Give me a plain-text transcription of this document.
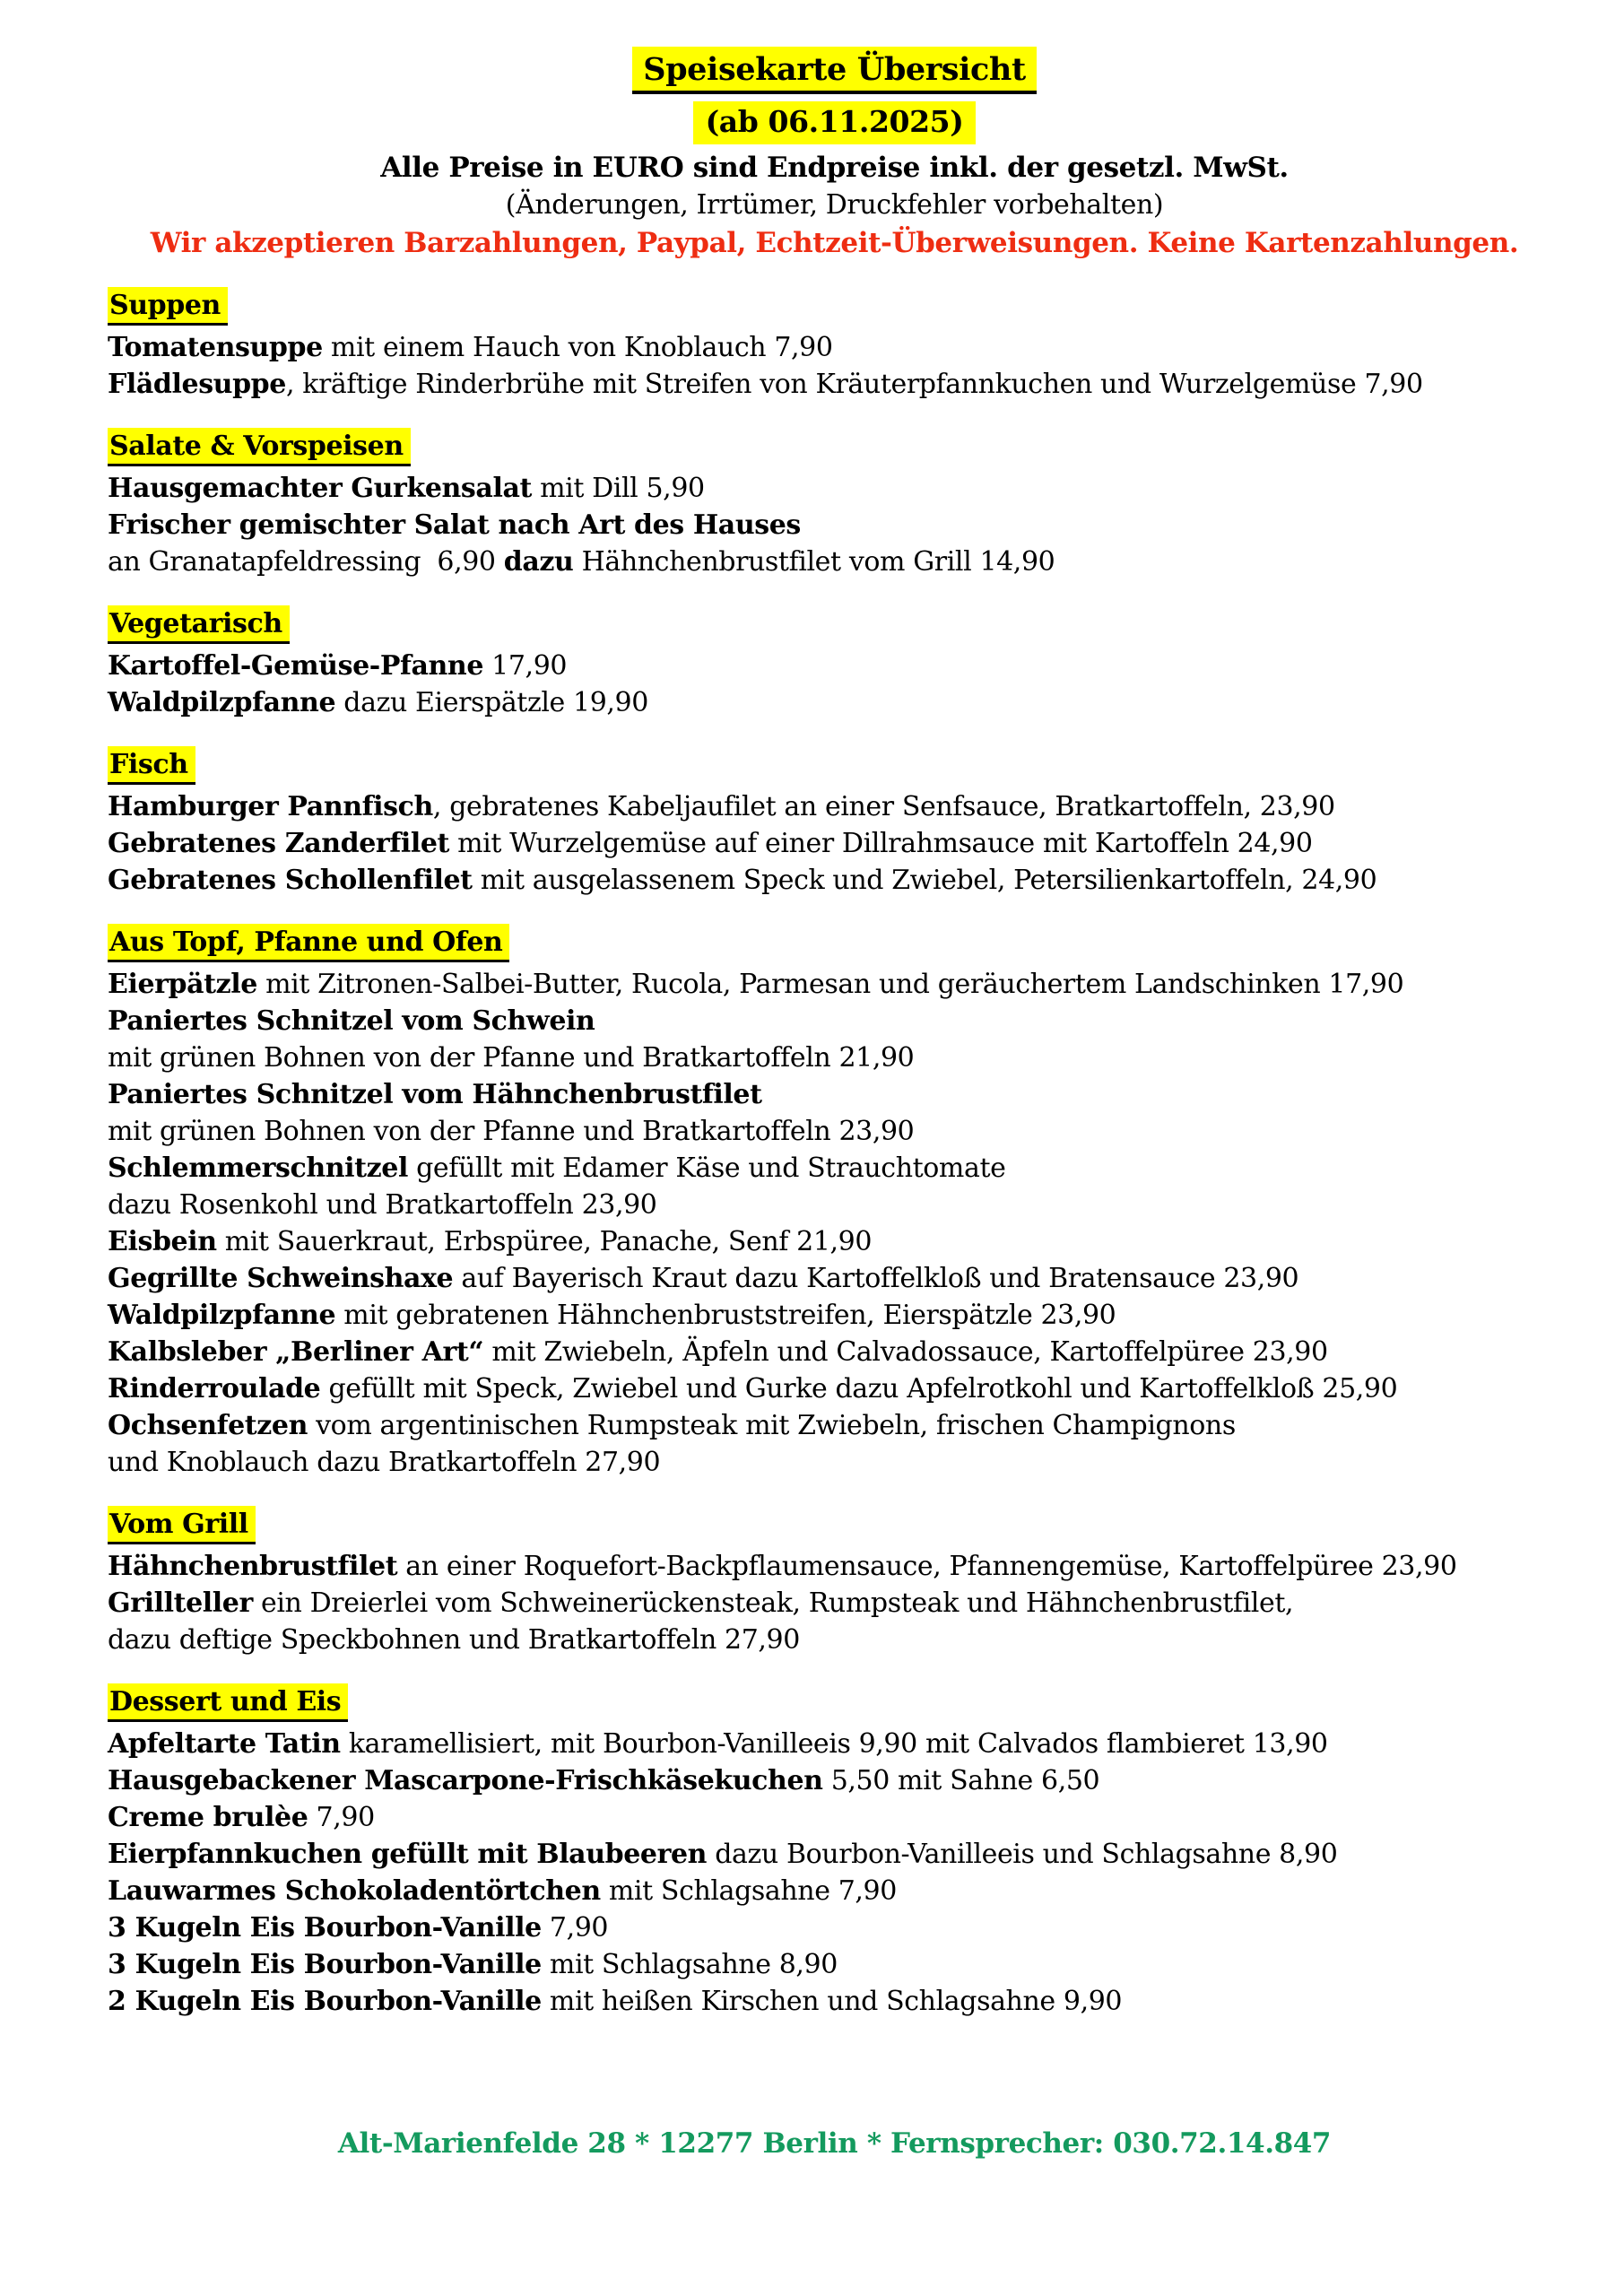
Speisekarte Übersicht
(ab 06.11.2025)
Alle Preise in EURO sind Endpreise inkl. der gesetzl. MwSt.
(Änderungen, Irrtümer, Druckfehler vorbehalten)
Wir akzeptieren Barzahlungen, Paypal, Echtzeit-Überweisungen. Keine Kartenzahlungen.
Suppen

Tomatensuppe mit einem Hauch von Knoblauch 7,90

Flädlesuppe, kräftige Rinderbrühe mit Streifen von Kräuterpfannkuchen und Wurzelgemüse 7,90

Salate & Vorspeisen

Hausgemachter Gurkensalat mit Dill 5,90

Frischer gemischter Salat nach Art des Hauses

an Granatapfeldressing  6,90 dazu Hähnchenbrustfilet vom Grill 14,90

Vegetarisch

Kartoffel-Gemüse-Pfanne 17,90

Waldpilzpfanne dazu Eierspätzle 19,90

Fisch

Hamburger Pannfisch, gebratenes Kabeljaufilet an einer Senfsauce, Bratkartoffeln, 23,90

Gebratenes Zanderfilet mit Wurzelgemüse auf einer Dillrahmsauce mit Kartoffeln 24,90

Gebratenes Schollenfilet mit ausgelassenem Speck und Zwiebel, Petersilienkartoffeln, 24,90

Aus Topf, Pfanne und Ofen

Eierpätzle mit Zitronen-Salbei-Butter, Rucola, Parmesan und geräuchertem Landschinken 17,90

Paniertes Schnitzel vom Schwein

mit grünen Bohnen von der Pfanne und Bratkartoffeln 21,90

Paniertes Schnitzel vom Hähnchenbrustfilet

mit grünen Bohnen von der Pfanne und Bratkartoffeln 23,90

Schlemmerschnitzel gefüllt mit Edamer Käse und Strauchtomate

dazu Rosenkohl und Bratkartoffeln 23,90

Eisbein mit Sauerkraut, Erbspüree, Panache, Senf 21,90

Gegrillte Schweinshaxe auf Bayerisch Kraut dazu Kartoffelkloß und Bratensauce 23,90

Waldpilzpfanne mit gebratenen Hähnchenbruststreifen, Eierspätzle 23,90

Kalbsleber „Berliner Art“ mit Zwiebeln, Äpfeln und Calvadossauce, Kartoffelpüree 23,90

Rinderroulade gefüllt mit Speck, Zwiebel und Gurke dazu Apfelrotkohl und Kartoffelkloß 25,90

Ochsenfetzen vom argentinischen Rumpsteak mit Zwiebeln, frischen Champignons

und Knoblauch dazu Bratkartoffeln 27,90

Vom Grill

Hähnchenbrustfilet an einer Roquefort-Backpflaumensauce, Pfannengemüse, Kartoffelpüree 23,90

Grillteller ein Dreierlei vom Schweinerückensteak, Rumpsteak und Hähnchenbrustfilet,

dazu deftige Speckbohnen und Bratkartoffeln 27,90

Dessert und Eis

Apfeltarte Tatin karamellisiert, mit Bourbon-Vanilleeis 9,90 mit Calvados flambieret 13,90

Hausgebackener Mascarpone-Frischkäsekuchen 5,50 mit Sahne 6,50

Creme brulèe 7,90

Eierpfannkuchen gefüllt mit Blaubeeren dazu Bourbon-Vanilleeis und Schlagsahne 8,90

Lauwarmes Schokoladentörtchen mit Schlagsahne 7,90

3 Kugeln Eis Bourbon-Vanille 7,90

3 Kugeln Eis Bourbon-Vanille mit Schlagsahne 8,90

2 Kugeln Eis Bourbon-Vanille mit heißen Kirschen und Schlagsahne 9,90

Alt-Marienfelde 28 * 12277 Berlin * Fernsprecher: 030.72.14.847
